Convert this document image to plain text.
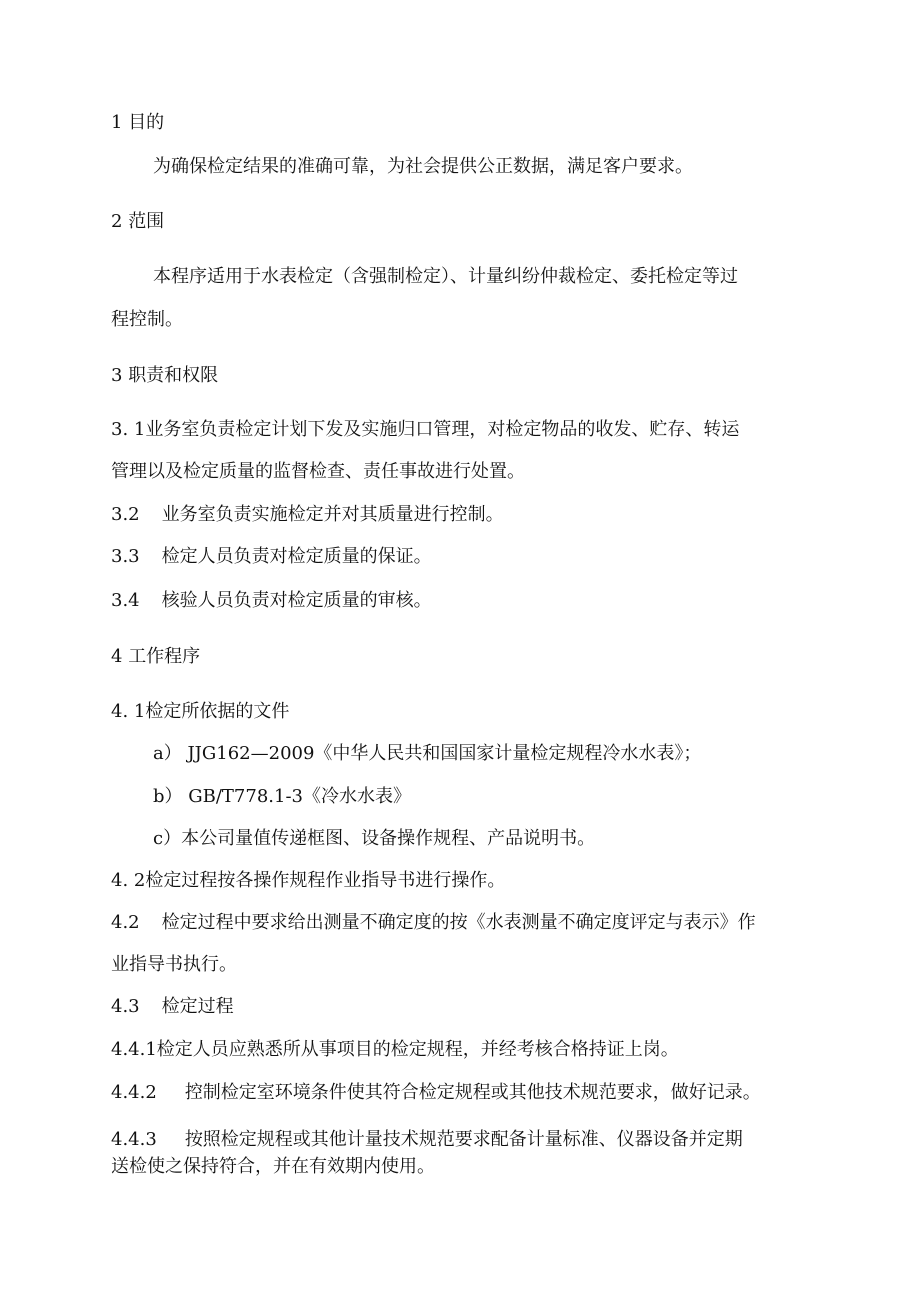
1 目的
为确保检定结果的准确可靠，为社会提供公正数据，满足客户要求。
2 范围
本程序适用于水表检定（含强制检定）、计量纠纷仲裁检定、委托检定等过
程控制。
3 职责和权限
3. 1业务室负责检定计划下发及实施归口管理，对检定物品的收发、贮存、转运
管理以及检定质量的监督检查、责任事故进行处置。
3.2 业务室负责实施检定并对其质量进行控制。
3.3 检定人员负责对检定质量的保证。
3.4 核验人员负责对检定质量的审核。
4 工作程序
4. 1检定所依据的文件
a） JJG162—2009《中华人民共和国国家计量检定规程冷水水表》；
b） GB/T778.1-3《冷水水表》
c）本公司量值传递框图、设备操作规程、产品说明书。
4. 2检定过程按各操作规程作业指导书进行操作。
4.2 检定过程中要求给出测量不确定度的按《水表测量不确定度评定与表示》作
业指导书执行。
4.3 检定过程
4.4.1检定人员应熟悉所从事项目的检定规程，并经考核合格持证上岗。
4.4.2 控制检定室环境条件使其符合检定规程或其他技术规范要求，做好记录。
4.4.3 按照检定规程或其他计量技术规范要求配备计量标准、仪器设备并定期
送检使之保持符合，并在有效期内使用。
